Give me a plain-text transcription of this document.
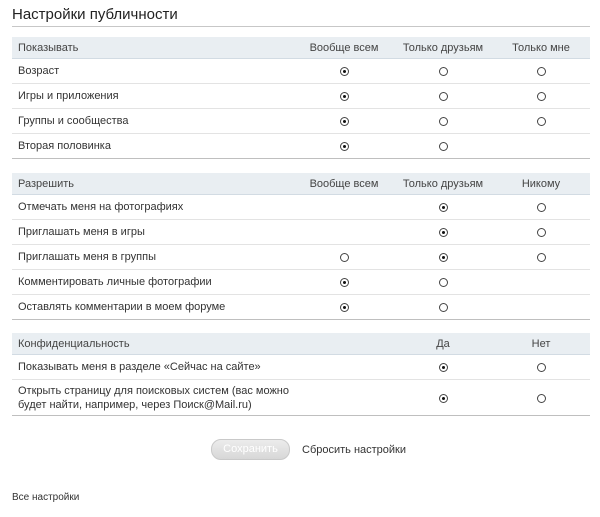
Настройки публичности
Показывать	Вообще всем	Только друзьям	Только мне
Возраст
Игры и приложения
Группы и сообщества
Вторая половинка
Разрешить	Вообще всем	Только друзьям	Никому
Отмечать меня на фотографиях
Приглашать меня в игры
Приглашать меня в группы
Комментировать личные фотографии
Оставлять комментарии в моем форуме
Конфиденциальность	Да	Нет
Показывать меня в разделе «Сейчас на сайте»
Открыть страницу для поисковых систем (вас можно будет найти, например, через Поиск@Mail.ru)
Сохранить	Сбросить настройки
Все настройки
